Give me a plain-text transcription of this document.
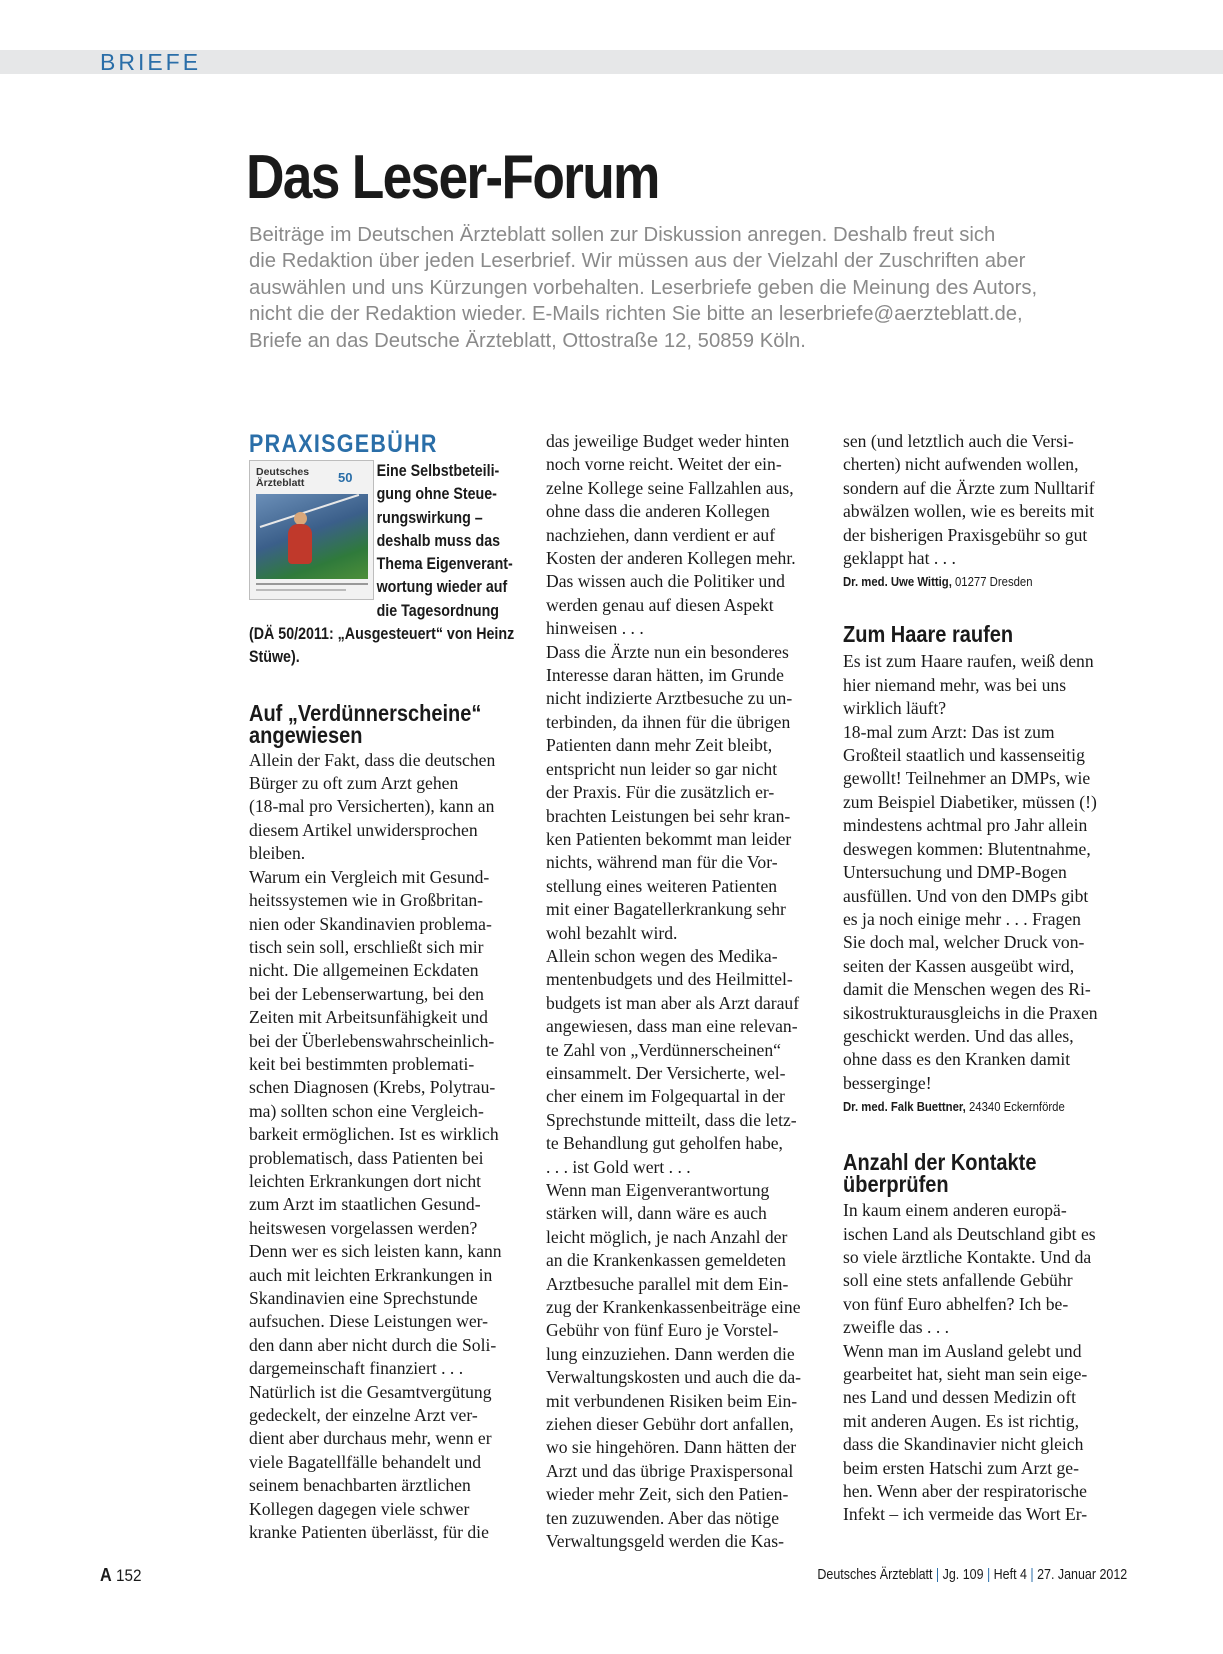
BRIEFE
Das Leser-Forum
Beiträge im Deutschen Ärzteblatt sollen zur Diskussion anregen. Deshalb freut sich
die Redaktion über jeden Leserbrief. Wir müssen aus der Vielzahl der Zuschriften aber
auswählen und uns Kürzungen vorbehalten. Leserbriefe geben die Meinung des Autors,
nicht die der Redaktion wieder. E-Mails richten Sie bitte an leserbriefe@aerzteblatt.de,
Briefe an das Deutsche Ärzteblatt, Ottostraße 12, 50859 Köln.
PRAXISGEBÜHR
Deutsches
Ärzteblatt	50	Eine Selbstbeteili-
gung ohne Steue-
rungswirkung –
deshalb muss das
Thema Eigenverant-
wortung wieder auf
die Tagesordnung
(DÄ 50/2011: „Ausgesteuert“ von Heinz
Stüwe).
Auf „Verdünnerscheine“
angewiesen
Allein der Fakt, dass die deutschen
Bürger zu oft zum Arzt gehen
(18-mal pro Versicherten), kann an
diesem Artikel unwidersprochen
bleiben.
Warum ein Vergleich mit Gesund-
heitssystemen wie in Großbritan-
nien oder Skandinavien problema-
tisch sein soll, erschließt sich mir
nicht. Die allgemeinen Eckdaten
bei der Lebenserwartung, bei den
Zeiten mit Arbeitsunfähigkeit und
bei der Überlebenswahrscheinlich-
keit bei bestimmten problemati-
schen Diagnosen (Krebs, Polytrau-
ma) sollten schon eine Vergleich-
barkeit ermöglichen. Ist es wirklich
problematisch, dass Patienten bei
leichten Erkrankungen dort nicht
zum Arzt im staatlichen Gesund-
heitswesen vorgelassen werden?
Denn wer es sich leisten kann, kann
auch mit leichten Erkrankungen in
Skandinavien eine Sprechstunde
aufsuchen. Diese Leistungen wer-
den dann aber nicht durch die Soli-
dargemeinschaft finanziert . . .
Natürlich ist die Gesamtvergütung
gedeckelt, der einzelne Arzt ver-
dient aber durchaus mehr, wenn er
viele Bagatellfälle behandelt und
seinem benachbarten ärztlichen
Kollegen dagegen viele schwer
kranke Patienten überlässt, für die
das jeweilige Budget weder hinten
noch vorne reicht. Weitet der ein-
zelne Kollege seine Fallzahlen aus,
ohne dass die anderen Kollegen
nachziehen, dann verdient er auf
Kosten der anderen Kollegen mehr.
Das wissen auch die Politiker und
werden genau auf diesen Aspekt
hinweisen . . .
Dass die Ärzte nun ein besonderes
Interesse daran hätten, im Grunde
nicht indizierte Arztbesuche zu un-
terbinden, da ihnen für die übrigen
Patienten dann mehr Zeit bleibt,
entspricht nun leider so gar nicht
der Praxis. Für die zusätzlich er-
brachten Leistungen bei sehr kran-
ken Patienten bekommt man leider
nichts, während man für die Vor-
stellung eines weiteren Patienten
mit einer Bagatellerkrankung sehr
wohl bezahlt wird.
Allein schon wegen des Medika-
mentenbudgets und des Heilmittel-
budgets ist man aber als Arzt darauf
angewiesen, dass man eine relevan-
te Zahl von „Verdünnerscheinen“
einsammelt. Der Versicherte, wel-
cher einem im Folgequartal in der
Sprechstunde mitteilt, dass die letz-
te Behandlung gut geholfen habe,
. . . ist Gold wert . . .
Wenn man Eigenverantwortung
stärken will, dann wäre es auch
leicht möglich, je nach Anzahl der
an die Krankenkassen gemeldeten
Arztbesuche parallel mit dem Ein-
zug der Krankenkassenbeiträge eine
Gebühr von fünf Euro je Vorstel-
lung einzuziehen. Dann werden die
Verwaltungskosten und auch die da-
mit verbundenen Risiken beim Ein-
ziehen dieser Gebühr dort anfallen,
wo sie hingehören. Dann hätten der
Arzt und das übrige Praxispersonal
wieder mehr Zeit, sich den Patien-
ten zuzuwenden. Aber das nötige
Verwaltungsgeld werden die Kas-
sen (und letztlich auch die Versi-
cherten) nicht aufwenden wollen,
sondern auf die Ärzte zum Nulltarif
abwälzen wollen, wie es bereits mit
der bisherigen Praxisgebühr so gut
geklappt hat . . .
Dr. med. Uwe Wittig, 01277 Dresden
Zum Haare raufen
Es ist zum Haare raufen, weiß denn
hier niemand mehr, was bei uns
wirklich läuft?
18-mal zum Arzt: Das ist zum
Großteil staatlich und kassenseitig
gewollt! Teilnehmer an DMPs, wie
zum Beispiel Diabetiker, müssen (!)
mindestens achtmal pro Jahr allein
deswegen kommen: Blutentnahme,
Untersuchung und DMP-Bogen
ausfüllen. Und von den DMPs gibt
es ja noch einige mehr . . . Fragen
Sie doch mal, welcher Druck von-
seiten der Kassen ausgeübt wird,
damit die Menschen wegen des Ri-
sikostrukturausgleichs in die Praxen
geschickt werden. Und das alles,
ohne dass es den Kranken damit
besserginge!
Dr. med. Falk Buettner, 24340 Eckernförde
Anzahl der Kontakte
überprüfen
In kaum einem anderen europä-
ischen Land als Deutschland gibt es
so viele ärztliche Kontakte. Und da
soll eine stets anfallende Gebühr
von fünf Euro abhelfen? Ich be-
zweifle das . . .
Wenn man im Ausland gelebt und
gearbeitet hat, sieht man sein eige-
nes Land und dessen Medizin oft
mit anderen Augen. Es ist richtig,
dass die Skandinavier nicht gleich
beim ersten Hatschi zum Arzt ge-
hen. Wenn aber der respiratorische
Infekt – ich vermeide das Wort Er-
A 152	Deutsches Ärzteblatt | Jg. 109 | Heft 4 | 27. Januar 2012
